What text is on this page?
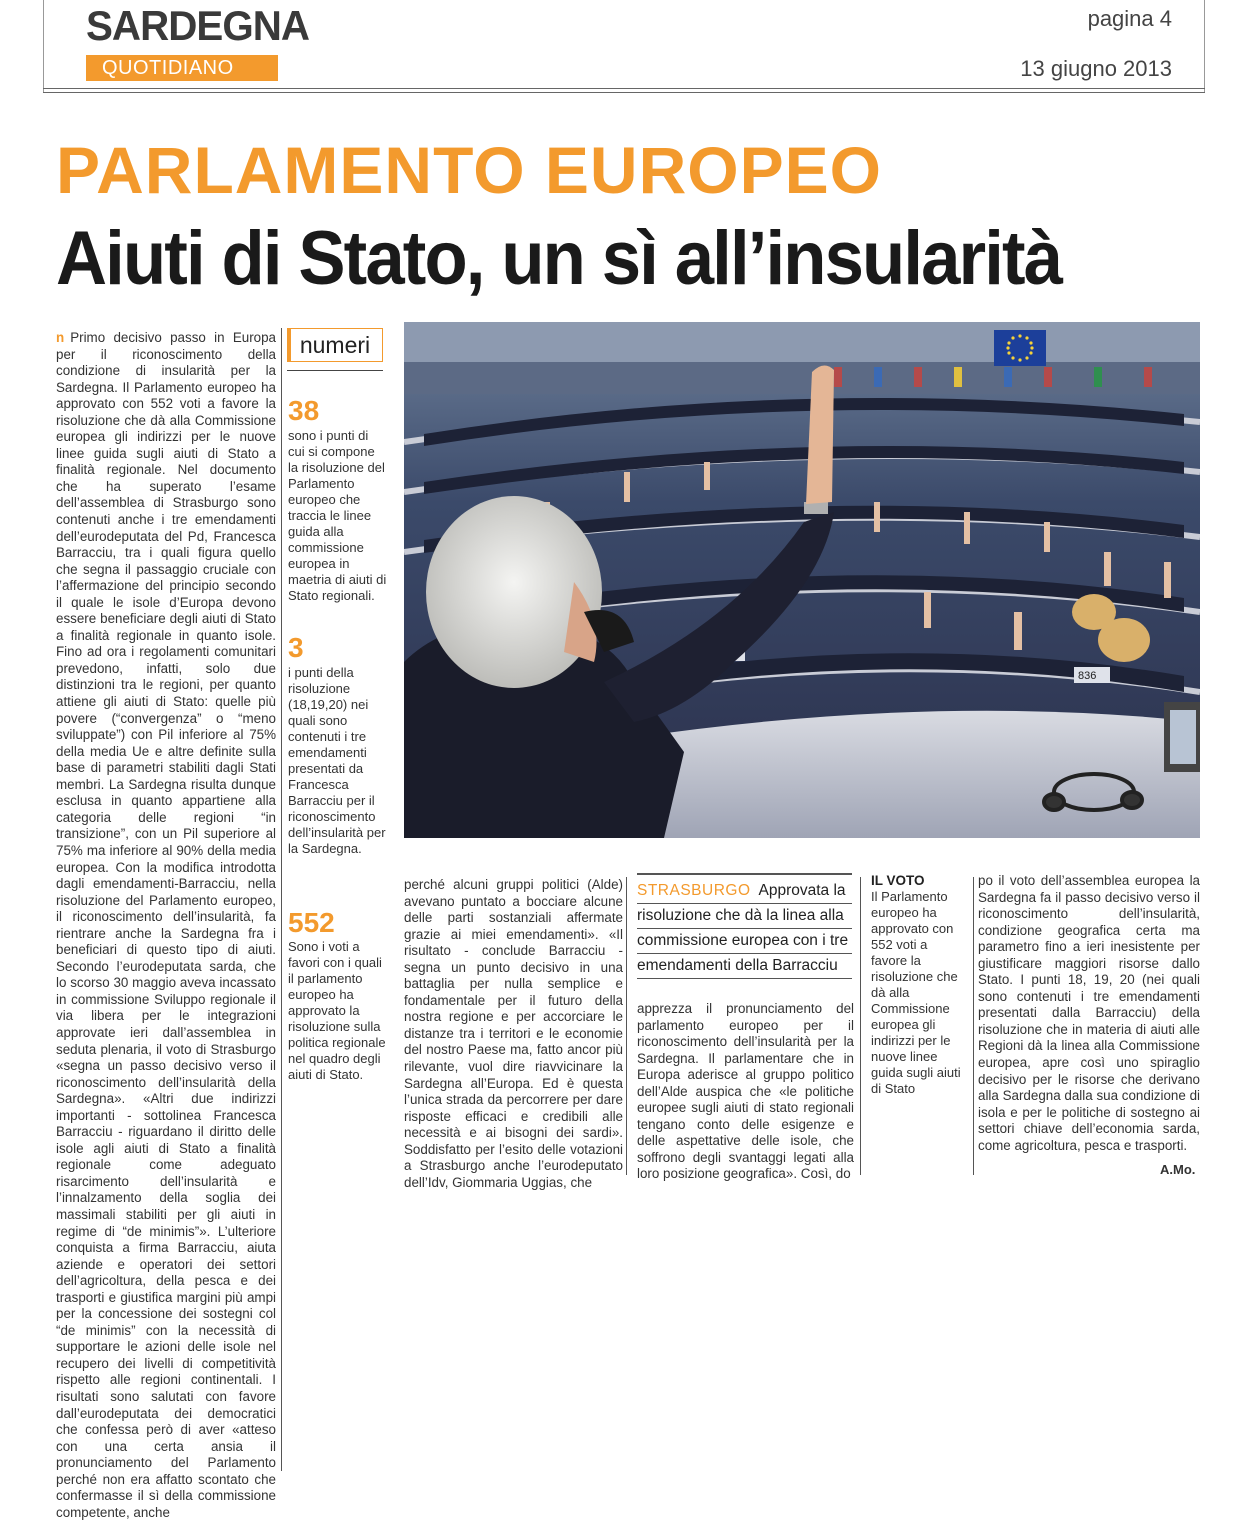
SARDEGNA
QUOTIDIANO
pagina 4
13 giugno 2013
PARLAMENTO EUROPEO
Aiuti di Stato, un sì all’insularità

n Primo decisivo passo in Europa per il riconoscimento della condizione di insularità per la Sardegna. Il Parlamento europeo ha approvato con 552 voti a favore la risoluzione che dà alla Commissione europea gli indirizzi per le nuove linee guida sugli aiuti di Stato a finalità regionale. Nel documento che ha superato l’esame dell’assemblea di Strasburgo sono contenuti anche i tre emendamenti dell’eurodeputata del Pd, Francesca Barracciu, tra i quali figura quello che segna il passaggio cruciale con l’affermazione del principio secondo il quale le isole d’Europa devono essere beneficiare degli aiuti di Stato a finalità regionale in quanto isole. Fino ad ora i regolamenti comunitari prevedono, infatti, solo due distinzioni tra le regioni, per quanto attiene gli aiuti di Stato: quelle più povere (“convergenza” o “meno sviluppate”) con Pil inferiore al 75% della media Ue e altre definite sulla base di parametri stabiliti dagli Stati membri. La Sardegna risulta dunque esclusa in quanto appartiene alla categoria delle regioni “in transizione”, con un Pil superiore al 75% ma inferiore al 90% della media europea. Con la modifica introdotta dagli emendamenti-Barracciu, nella risoluzione del Parlamento europeo, il riconoscimento dell’insularità, fa rientrare anche la Sardegna fra i beneficiari di questo tipo di aiuti. Secondo l’eurodeputata sarda, che lo scorso 30 maggio aveva incassato in commissione Sviluppo regionale il via libera per le integrazioni approvate ieri dall’assemblea in seduta plenaria, il voto di Strasburgo «segna un passo decisivo verso il riconoscimento dell’insularità della Sardegna». «Altri due indirizzi importanti - sottolinea Francesca Barracciu - riguardano il diritto delle isole agli aiuti di Stato a finalità regionale come adeguato risarcimento dell’insularità e l’innalzamento della soglia dei massimali stabiliti per gli aiuti in regime di “de minimis”». L’ulteriore conquista a firma Barracciu, aiuta aziende e operatori dei settori dell’agricoltura, della pesca e dei trasporti e giustifica margini più ampi per la concessione dei sostegni col “de minimis” con la necessità di supportare le azioni delle isole nel recupero dei livelli di competitività rispetto alle regioni continentali. I risultati sono salutati con favore dall’eurodeputata dei democratici che confessa però di aver «atteso con una certa ansia il pronunciamento del Parlamento perché non era affatto scontato che confermasse il sì della commissione competente, anche

numeri
38
sono i punti di cui si compone la risoluzione del Parlamento europeo che traccia le linee guida alla commissione europea in maetria di aiuti di Stato regionali.
3
i punti della risoluzione (18,19,20) nei quali sono contenuti i tre emendamenti presentati da Francesca Barracciu per il riconoscimento dell’insularità per la Sardegna.
552
Sono i voti a favori con i quali il parlamento europeo ha approvato la risoluzione sulla politica regionale nel quadro degli aiuti di Stato.
836

perché alcuni gruppi politici (Alde) avevano puntato a bocciare alcune delle parti sostanziali affermate grazie ai miei emendamenti». «Il risultato - conclude Barracciu - segna un punto decisivo in una battaglia per nulla semplice e fondamentale per il futuro della nostra regione e per accorciare le distanze tra i territori e le economie del nostro Paese ma, fatto ancor più rilevante, vuol dire riavvicinare la Sardegna all’Europa. Ed è questa l’unica strada da percorrere per dare risposte efficaci e credibili alle necessità e ai bisogni dei sardi». Soddisfatto per l’esito delle votazioni a Strasburgo anche l’eurodeputato dell’Idv, Giommaria Uggias, che

STRASBURGO Approvata la
risoluzione che dà la linea alla
commissione europea con i tre
emendamenti della Barracciu

apprezza il pronunciamento del parlamento europeo per il riconoscimento dell’insularità per la Sardegna. Il parlamentare che in Europa aderisce al gruppo politico dell’Alde auspica che «le politiche europee sugli aiuti di stato regionali tengano conto delle esigenze e delle aspettative delle isole, che soffrono degli svantaggi legati alla loro posizione geografica». Così, do

IL VOTO
Il Parlamento europeo ha approvato con 552 voti a favore la risoluzione che dà alla Commissione europea gli indirizzi per le nuove linee guida sugli aiuti di Stato

po il voto dell’assemblea europea la Sardegna fa il passo decisivo verso il riconoscimento dell’insularità, condizione geografica certa ma parametro fino a ieri inesistente per giustificare maggiori risorse dallo Stato. I punti 18, 19, 20 (nei quali sono contenuti i tre emendamenti presentati dalla Barracciu) della risoluzione che in materia di aiuti alle Regioni dà la linea alla Commissione europea, apre così uno spiraglio decisivo per le risorse che derivano alla Sardegna dalla sua condizione di isola e per le politiche di sostegno ai settori chiave dell’economia sarda, come agricoltura, pesca e trasporti.

A.Mo.
